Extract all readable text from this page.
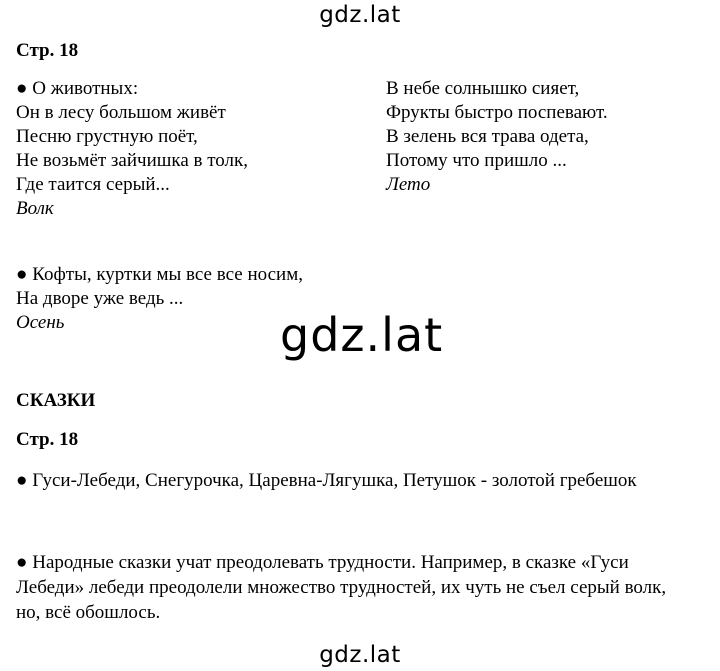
gdz.lat
Стр. 18
● О животных:
Он в лесу большом живёт
Песню грустную поёт,
Не возьмёт зайчишка в толк,
Где таится серый...
Волк
В небе солнышко сияет,
Фрукты быстро поспевают.
В зелень вся трава одета,
Потому что пришло ...
Лето
● Кофты, куртки мы все все носим,
На дворе уже ведь ...
Осень	gdz.lat
СКАЗКИ
Стр. 18
● Гуси-Лебеди, Снегурочка, Царевна-Лягушка, Петушок - золотой гребешок
● Народные сказки учат преодолевать трудности. Например, в сказке «Гуси
Лебеди» лебеди преодолели множество трудностей, их чуть не съел серый волк,
но, всё обошлось.
gdz.lat
